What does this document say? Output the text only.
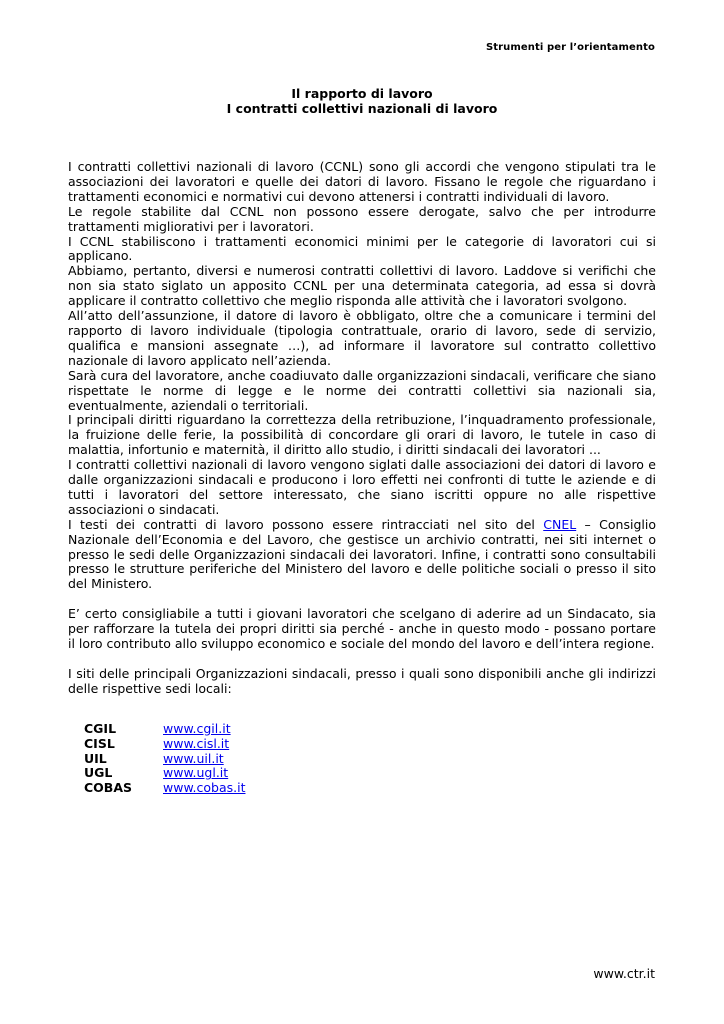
Strumenti per l’orientamento
Il rapporto di lavoro
I contratti collettivi nazionali di lavoro

I contratti collettivi nazionali di lavoro (CCNL) sono gli accordi che vengono stipulati tra le associazioni dei lavoratori e quelle dei datori di lavoro. Fissano le regole che riguardano i trattamenti economici e normativi cui devono attenersi i contratti individuali di lavoro.

Le regole stabilite dal CCNL non possono essere derogate, salvo che per introdurre trattamenti migliorativi per i lavoratori.

I CCNL stabiliscono i trattamenti economici minimi per le categorie di lavoratori cui si applicano.

Abbiamo, pertanto, diversi e numerosi contratti collettivi di lavoro. Laddove si verifichi che non sia stato siglato un apposito CCNL per una determinata categoria, ad essa si dovrà applicare il contratto collettivo che meglio risponda alle attività che i lavoratori svolgono.

All’atto dell’assunzione, il datore di lavoro è obbligato, oltre che a comunicare i termini del rapporto di lavoro individuale (tipologia contrattuale, orario di lavoro, sede di servizio, qualifica e mansioni assegnate …), ad informare il lavoratore sul contratto collettivo nazionale di lavoro applicato nell’azienda.

Sarà cura del lavoratore, anche coadiuvato dalle organizzazioni sindacali, verificare che siano rispettate le norme di legge e le norme dei contratti collettivi sia nazionali sia, eventualmente, aziendali o territoriali.

I principali diritti riguardano la correttezza della retribuzione, l’inquadramento professionale, la fruizione delle ferie, la possibilità di concordare gli orari di lavoro, le tutele in caso di malattia, infortunio e maternità, il diritto allo studio, i diritti sindacali dei lavoratori ...

I contratti collettivi nazionali di lavoro vengono siglati dalle associazioni dei datori di lavoro e dalle organizzazioni sindacali e producono i loro effetti nei confronti di tutte le aziende e di tutti i lavoratori del settore interessato, che siano iscritti oppure no alle rispettive associazioni o sindacati.

I testi dei contratti di lavoro possono essere rintracciati nel sito del CNEL – Consiglio Nazionale dell’Economia e del Lavoro, che gestisce un archivio contratti, nei siti internet o presso le sedi delle Organizzazioni sindacali dei lavoratori. Infine, i contratti sono consultabili presso le strutture periferiche del Ministero del lavoro e delle politiche sociali o presso il sito del Ministero.

E’ certo consigliabile a tutti i giovani lavoratori che scelgano di aderire ad un Sindacato, sia per rafforzare la tutela dei propri diritti sia perché - anche in questo modo - possano portare il loro contributo allo sviluppo economico e sociale del mondo del lavoro e dell’intera regione.

I siti delle principali Organizzazioni sindacali, presso i quali sono disponibili anche gli indirizzi delle rispettive sedi locali:

CGIL	www.cgil.it
CISL	www.cisl.it
UIL	www.uil.it
UGL	www.ugl.it
COBAS	www.cobas.it
www.ctr.it
